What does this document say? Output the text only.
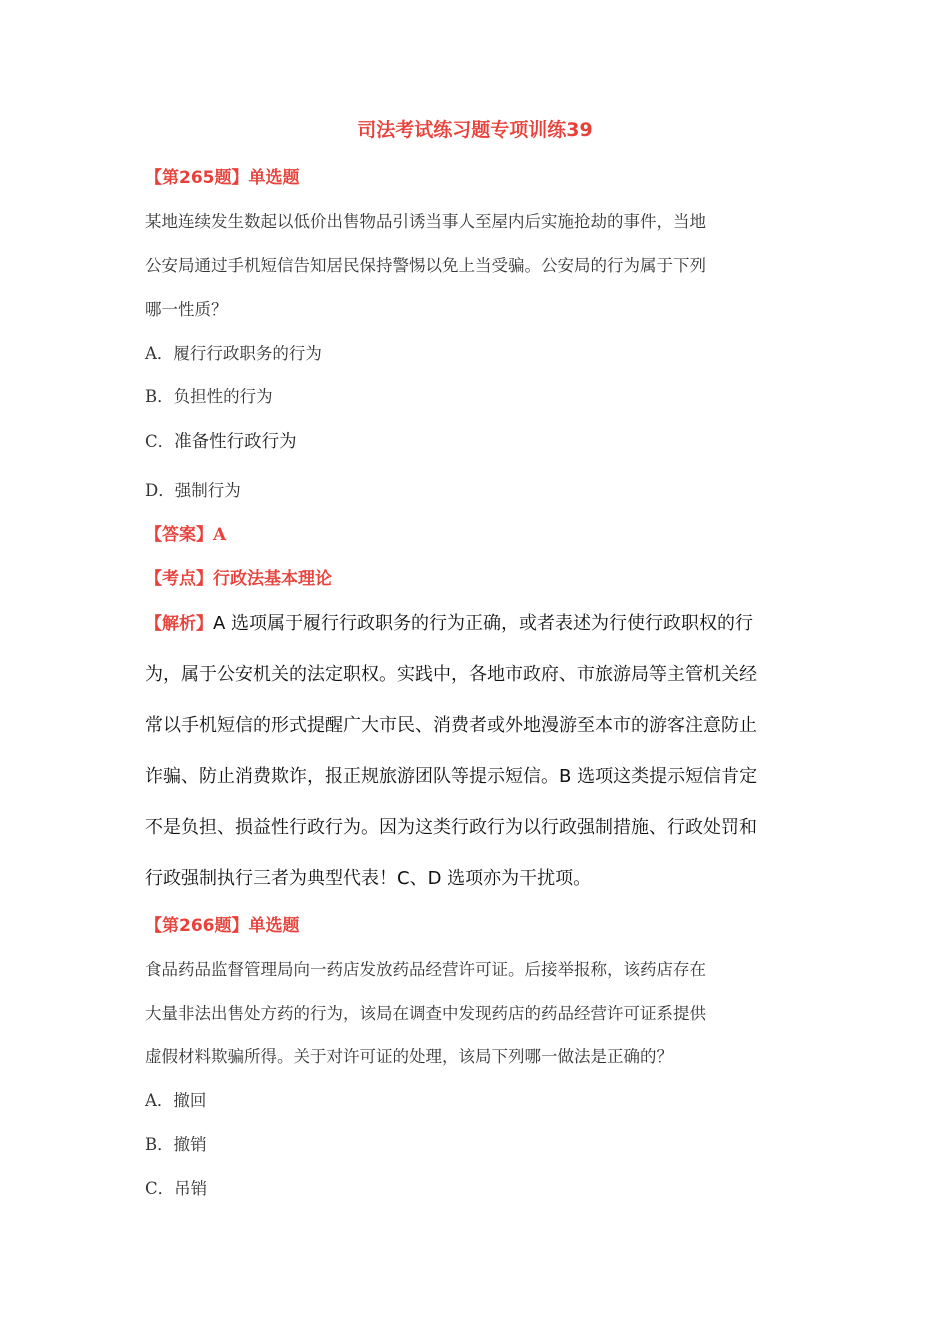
司法考试练习题专项训练39
【第265题】单选题
某地连续发生数起以低价出售物品引诱当事人至屋内后实施抢劫的事件，当地
公安局通过手机短信告知居民保持警惕以免上当受骗。公安局的行为属于下列
哪一性质？
A．履行行政职务的行为
B．负担性的行为
C．准备性行政行为
D．强制行为
【答案】A
【考点】行政法基本理论
【解析】A 选项属于履行行政职务的行为正确，或者表述为行使行政职权的行
为，属于公安机关的法定职权。实践中，各地市政府、市旅游局等主管机关经
常以手机短信的形式提醒广大市民、消费者或外地漫游至本市的游客注意防止
诈骗、防止消费欺诈，报正规旅游团队等提示短信。B 选项这类提示短信肯定
不是负担、损益性行政行为。因为这类行政行为以行政强制措施、行政处罚和
行政强制执行三者为典型代表！C、D 选项亦为干扰项。
【第266题】单选题
食品药品监督管理局向一药店发放药品经营许可证。后接举报称，该药店存在
大量非法出售处方药的行为，该局在调查中发现药店的药品经营许可证系提供
虚假材料欺骗所得。关于对许可证的处理，该局下列哪一做法是正确的？
A．撤回
B．撤销
C．吊销
